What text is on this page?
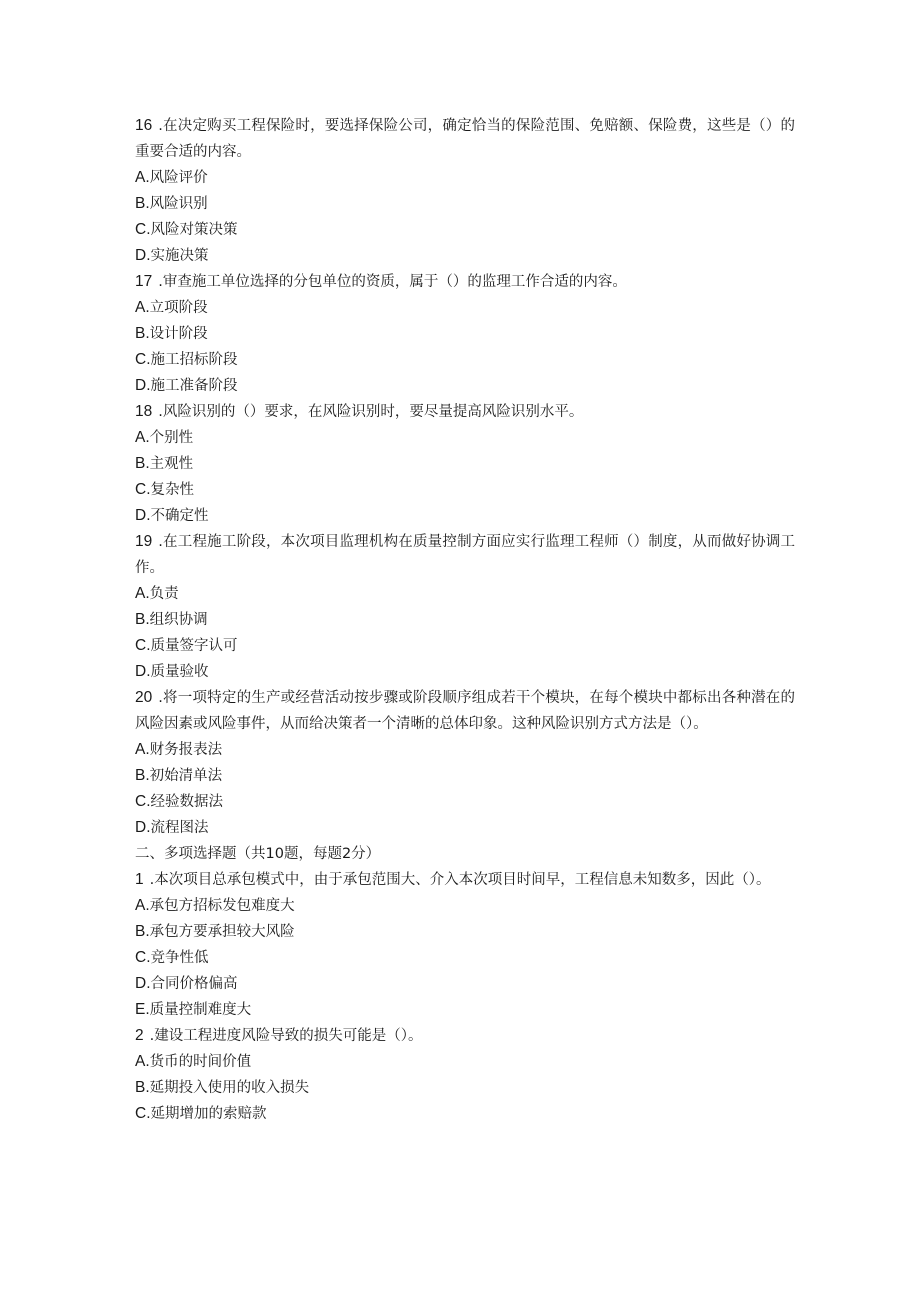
16 .在决定购买工程保险时，要选择保险公司，确定恰当的保险范围、免赔额、保险费，这些是（）的重要合适的内容。
A.风险评价
B.风险识别
C.风险对策决策
D.实施决策
17 .审查施工单位选择的分包单位的资质，属于（）的监理工作合适的内容。
A.立项阶段
B.设计阶段
C.施工招标阶段
D.施工准备阶段
18 .风险识别的（）要求，在风险识别时，要尽量提高风险识别水平。
A.个别性
B.主观性
C.复杂性
D.不确定性
19 .在工程施工阶段，本次项目监理机构在质量控制方面应实行监理工程师（）制度，从而做好协调工作。
A.负责
B.组织协调
C.质量签字认可
D.质量验收
20 .将一项特定的生产或经营活动按步骤或阶段顺序组成若干个模块，在每个模块中都标出各种潜在的风险因素或风险事件，从而给决策者一个清晰的总体印象。这种风险识别方式方法是（）。
A.财务报表法
B.初始清单法
C.经验数据法
D.流程图法
二、多项选择题（共10题，每题2分）
1 .本次项目总承包模式中，由于承包范围大、介入本次项目时间早，工程信息未知数多，因此（）。
A.承包方招标发包难度大
B.承包方要承担较大风险
C.竞争性低
D.合同价格偏高
E.质量控制难度大
2 .建设工程进度风险导致的损失可能是（）。
A.货币的时间价值
B.延期投入使用的收入损失
C.延期增加的索赔款
